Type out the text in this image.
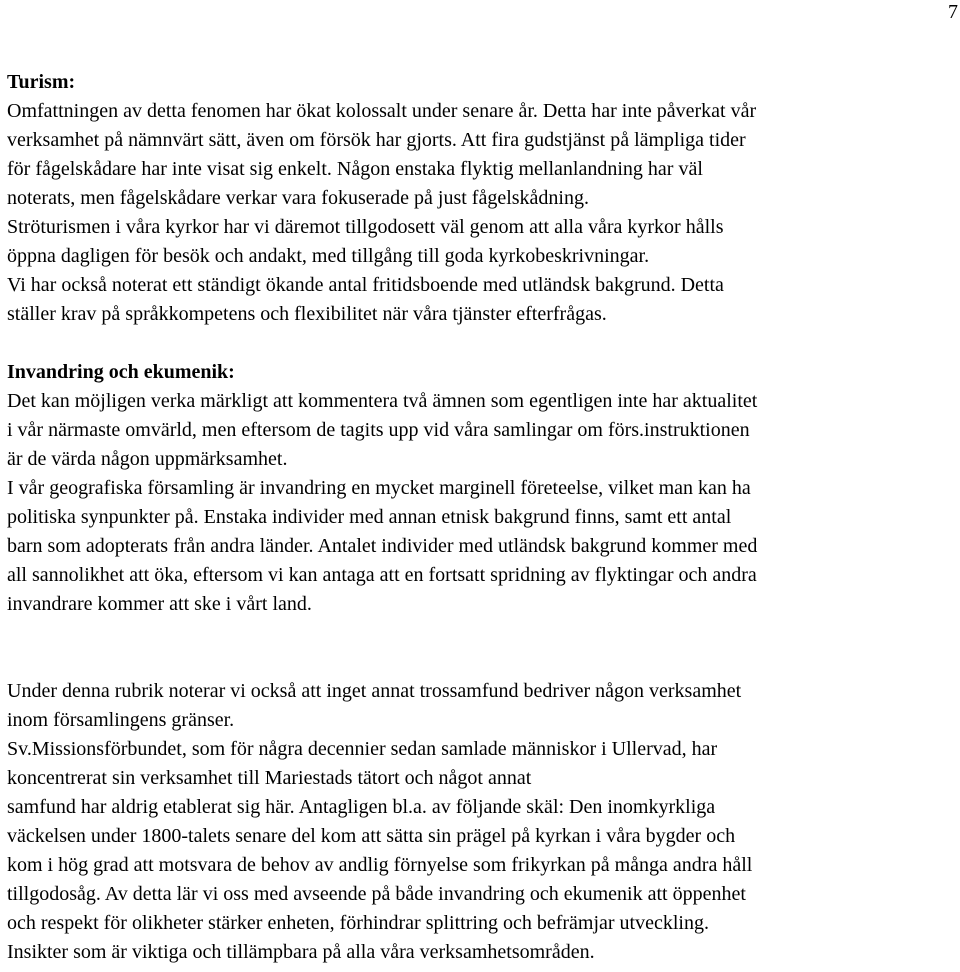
7
Turism:
Omfattningen av detta fenomen har ökat kolossalt under senare år. Detta har inte påverkat vår
verksamhet på nämnvärt sätt, även om försök har gjorts. Att fira gudstjänst på lämpliga tider
för fågelskådare har inte visat sig enkelt. Någon enstaka flyktig mellanlandning har väl
noterats, men fågelskådare verkar vara fokuserade på just fågelskådning.
Ströturismen i våra kyrkor har vi däremot tillgodosett väl genom att alla våra kyrkor hålls
öppna dagligen för besök och andakt, med tillgång till goda kyrkobeskrivningar.
Vi har också noterat ett ständigt ökande antal fritidsboende med utländsk bakgrund. Detta
ställer krav på språkkompetens och flexibilitet när våra tjänster efterfrågas.
Invandring och ekumenik:
Det kan möjligen verka märkligt att kommentera två ämnen som egentligen inte har aktualitet
i vår närmaste omvärld, men eftersom de tagits upp vid våra samlingar om förs.instruktionen
är de värda någon uppmärksamhet.
I vår geografiska församling är invandring en mycket marginell företeelse, vilket man kan ha
politiska synpunkter på. Enstaka individer med annan etnisk bakgrund finns, samt ett antal
barn som adopterats från andra länder. Antalet individer med utländsk bakgrund kommer med
all sannolikhet att öka, eftersom vi kan antaga att en fortsatt spridning av flyktingar och andra
invandrare kommer att ske i vårt land.
Under denna rubrik noterar vi också att inget annat trossamfund bedriver någon verksamhet
inom församlingens gränser.
Sv.Missionsförbundet, som för några decennier sedan samlade människor i Ullervad, har
koncentrerat sin verksamhet till Mariestads tätort och något annat
samfund har aldrig etablerat sig här. Antagligen bl.a. av följande skäl: Den inomkyrkliga
väckelsen under 1800-talets senare del kom att sätta sin prägel på kyrkan i våra bygder och
kom i hög grad att motsvara de behov av andlig förnyelse som frikyrkan på många andra håll
tillgodosåg. Av detta lär vi oss med avseende på både invandring och ekumenik att öppenhet
och respekt för olikheter stärker enheten, förhindrar splittring och befrämjar utveckling.
Insikter som är viktiga och tillämpbara på alla våra verksamhetsområden.
